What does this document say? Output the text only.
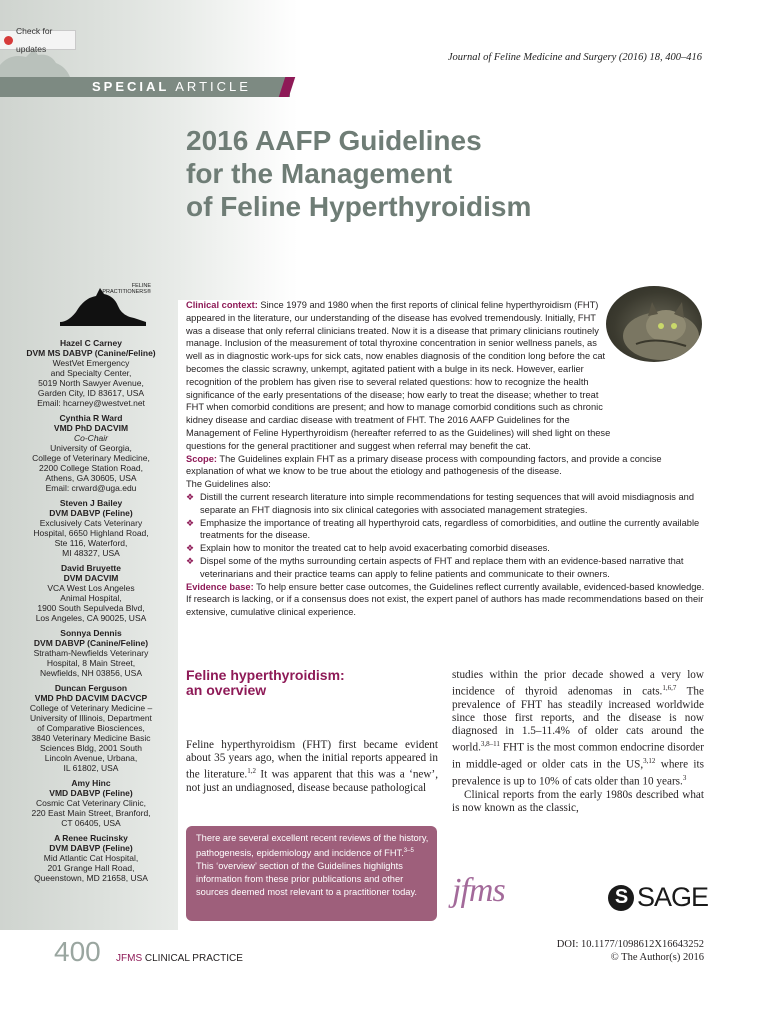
Check for updates
Journal of Feline Medicine and Surgery (2016) 18, 400–416
SPECIAL ARTICLE
2016 AAFP Guidelines
for the Management
of Feline Hyperthyroidism
FELINE
PRACTITIONERS®
Hazel C Carney
DVM MS DABVP (Canine/Feline)
WestVet Emergency
and Specialty Center,
5019 North Sawyer Avenue,
Garden City, ID 83617, USA
Email: hcarney@westvet.net
Cynthia R Ward
VMD PhD DACVIM
Co-Chair
University of Georgia,
College of Veterinary Medicine,
2200 College Station Road,
Athens, GA 30605, USA
Email: crward@uga.edu
Steven J Bailey
DVM DABVP (Feline)
Exclusively Cats Veterinary
Hospital, 6650 Highland Road,
Ste 116, Waterford,
MI 48327, USA
David Bruyette
DVM DACVIM
VCA West Los Angeles
Animal Hospital,
1900 South Sepulveda Blvd,
Los Angeles, CA 90025, USA
Sonnya Dennis
DVM DABVP (Canine/Feline)
Stratham-Newfields Veterinary
Hospital, 8 Main Street,
Newfields, NH 03856, USA
Duncan Ferguson
VMD PhD DACVIM DACVCP
College of Veterinary Medicine –
University of Illinois, Department
of Comparative Biosciences,
3840 Veterinary Medicine Basic
Sciences Bldg, 2001 South
Lincoln Avenue, Urbana,
IL 61802, USA
Amy Hinc
VMD DABVP (Feline)
Cosmic Cat Veterinary Clinic,
220 East Main Street, Branford,
CT 06405, USA
A Renee Rucinsky
DVM DABVP (Feline)
Mid Atlantic Cat Hospital,
201 Grange Hall Road,
Queenstown, MD 21658, USA

Clinical context: Since 1979 and 1980 when the first reports of clinical feline hyperthyroidism (FHT) appeared in the literature, our understanding of the disease has evolved tremendously. Initially, FHT was a disease that only referral clinicians treated. Now it is a disease that primary clinicians routinely manage. Inclusion of the measurement of total thyroxine concentration in senior wellness panels, as well as in diagnostic work-ups for sick cats, now enables diagnosis of the condition long before the cat becomes the classic scrawny, unkempt, agitated patient with a bulge in its neck. However, earlier recognition of the problem has given rise to several related questions: how to recognize the health significance of the early presentations of the disease; how early to treat the disease; whether to treat FHT when comorbid conditions are present; and how to manage comorbid conditions such as chronic kidney disease and cardiac disease with treatment of FHT. The 2016 AAFP Guidelines for the Management of Feline Hyperthyroidism (hereafter referred to as the Guidelines) will shed light on these questions for the general practitioner and suggest when referral may benefit the cat.

Scope: The Guidelines explain FHT as a primary disease process with compounding factors, and provide a concise explanation of what we know to be true about the etiology and pathogenesis of the disease.

The Guidelines also:

❖ Distill the current research literature into simple recommendations for testing sequences that will avoid misdiagnosis and separate an FHT diagnosis into six clinical categories with associated management strategies.
❖ Emphasize the importance of treating all hyperthyroid cats, regardless of comorbidities, and outline the currently available treatments for the disease.
❖ Explain how to monitor the treated cat to help avoid exacerbating comorbid diseases.
❖ Dispel some of the myths surrounding certain aspects of FHT and replace them with an evidence-based narrative that veterinarians and their practice teams can apply to feline patients and communicate to their owners.

Evidence base: To help ensure better case outcomes, the Guidelines reflect currently available, evidenced-based knowledge. If research is lacking, or if a consensus does not exist, the expert panel of authors has made recommendations based on their extensive, cumulative clinical experience.

Feline hyperthyroidism:
an overview
Feline hyperthyroidism (FHT) first became evident about 35 years ago, when the initial reports appeared in the literature.$^{1,2}$ It was apparent that this was a ‘new’, not just an undiagnosed, disease because pathological

studies within the prior decade showed a very low incidence of thyroid adenomas in cats.$^{1,6,7}$ The prevalence of FHT has steadily increased worldwide since those first reports, and the disease is now diagnosed in 1.5–11.4% of older cats around the world.$^{3,8-11}$ FHT is the most common endocrine disorder in middle-aged or older cats in the US,$^{3,12}$ where its prevalence is up to 10% of cats older than 10 years.$^3$

Clinical reports from the early 1980s described what is now known as the classic,

There are several excellent recent reviews of the history, pathogenesis, epidemiology and incidence of FHT.$^{3-5}$ This ‘overview’ section of the Guidelines highlights information from these prior publications and other sources deemed most relevant to a practitioner today.	jfms	S SAGE
400 JFMS CLINICAL PRACTICE
DOI: 10.1177/1098612X16643252
© The Author(s) 2016
